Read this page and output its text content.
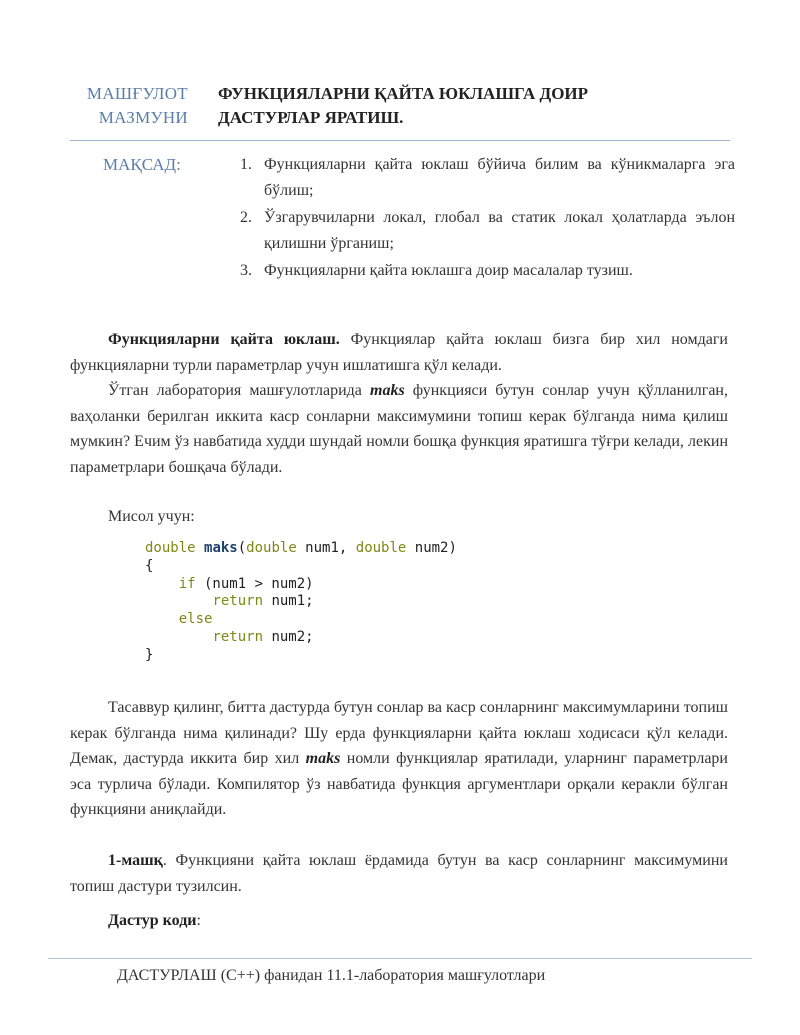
МАШҒУЛОТ
МАЗМУНИ
ФУНКЦИЯЛАРНИ ҚАЙТА ЮКЛАШГА ДОИР
ДАСТУРЛАР ЯРАТИШ.
МАҚСАД:	1. Функцияларни қайта юклаш бўйича билим ва кўникмаларга эга бўлиш;
2. Ўзгарувчиларни локал, глобал ва статик локал ҳолатларда эълон қилишни ўрганиш;
3. Функцияларни қайта юклашга доир масалалар тузиш.

Функцияларни қайта юклаш. Функциялар қайта юклаш бизга бир хил номдаги функцияларни турли параметрлар учун ишлатишга қўл келади.

Ўтган лаборатория машғулотларида maks функцияси бутун сонлар учун қўлланилган, ваҳоланки берилган иккита каср сонларни максимумини топиш керак бўлганда нима қилиш мумкин? Ечим ўз навбатида худди шундай номли бошқа функция яратишга тўғри келади, лекин параметрлари бошқача бўлади.

Мисол учун:
double maks(double num1, double num2)
{
if (num1 > num2)
return num1;
else
return num2;
}

Тасаввур қилинг, битта дастурда бутун сонлар ва каср сонларнинг максимумларини топиш керак бўлганда нима қилинади? Шу ерда функцияларни қайта юклаш ходисаси қўл келади. Демак, дастурда иккита бир хил maks номли функциялар яратилади, уларнинг параметрлари эса турлича бўлади. Компилятор ўз навбатида функция аргументлари орқали керакли бўлган функцияни аниқлайди.

1-машқ. Функцияни қайта юклаш ёрдамида бутун ва каср сонларнинг максимумини топиш дастури тузилсин.

Дастур коди:

ДАСТУРЛАШ (C++) фанидан 11.1-лаборатория машғулотлари
